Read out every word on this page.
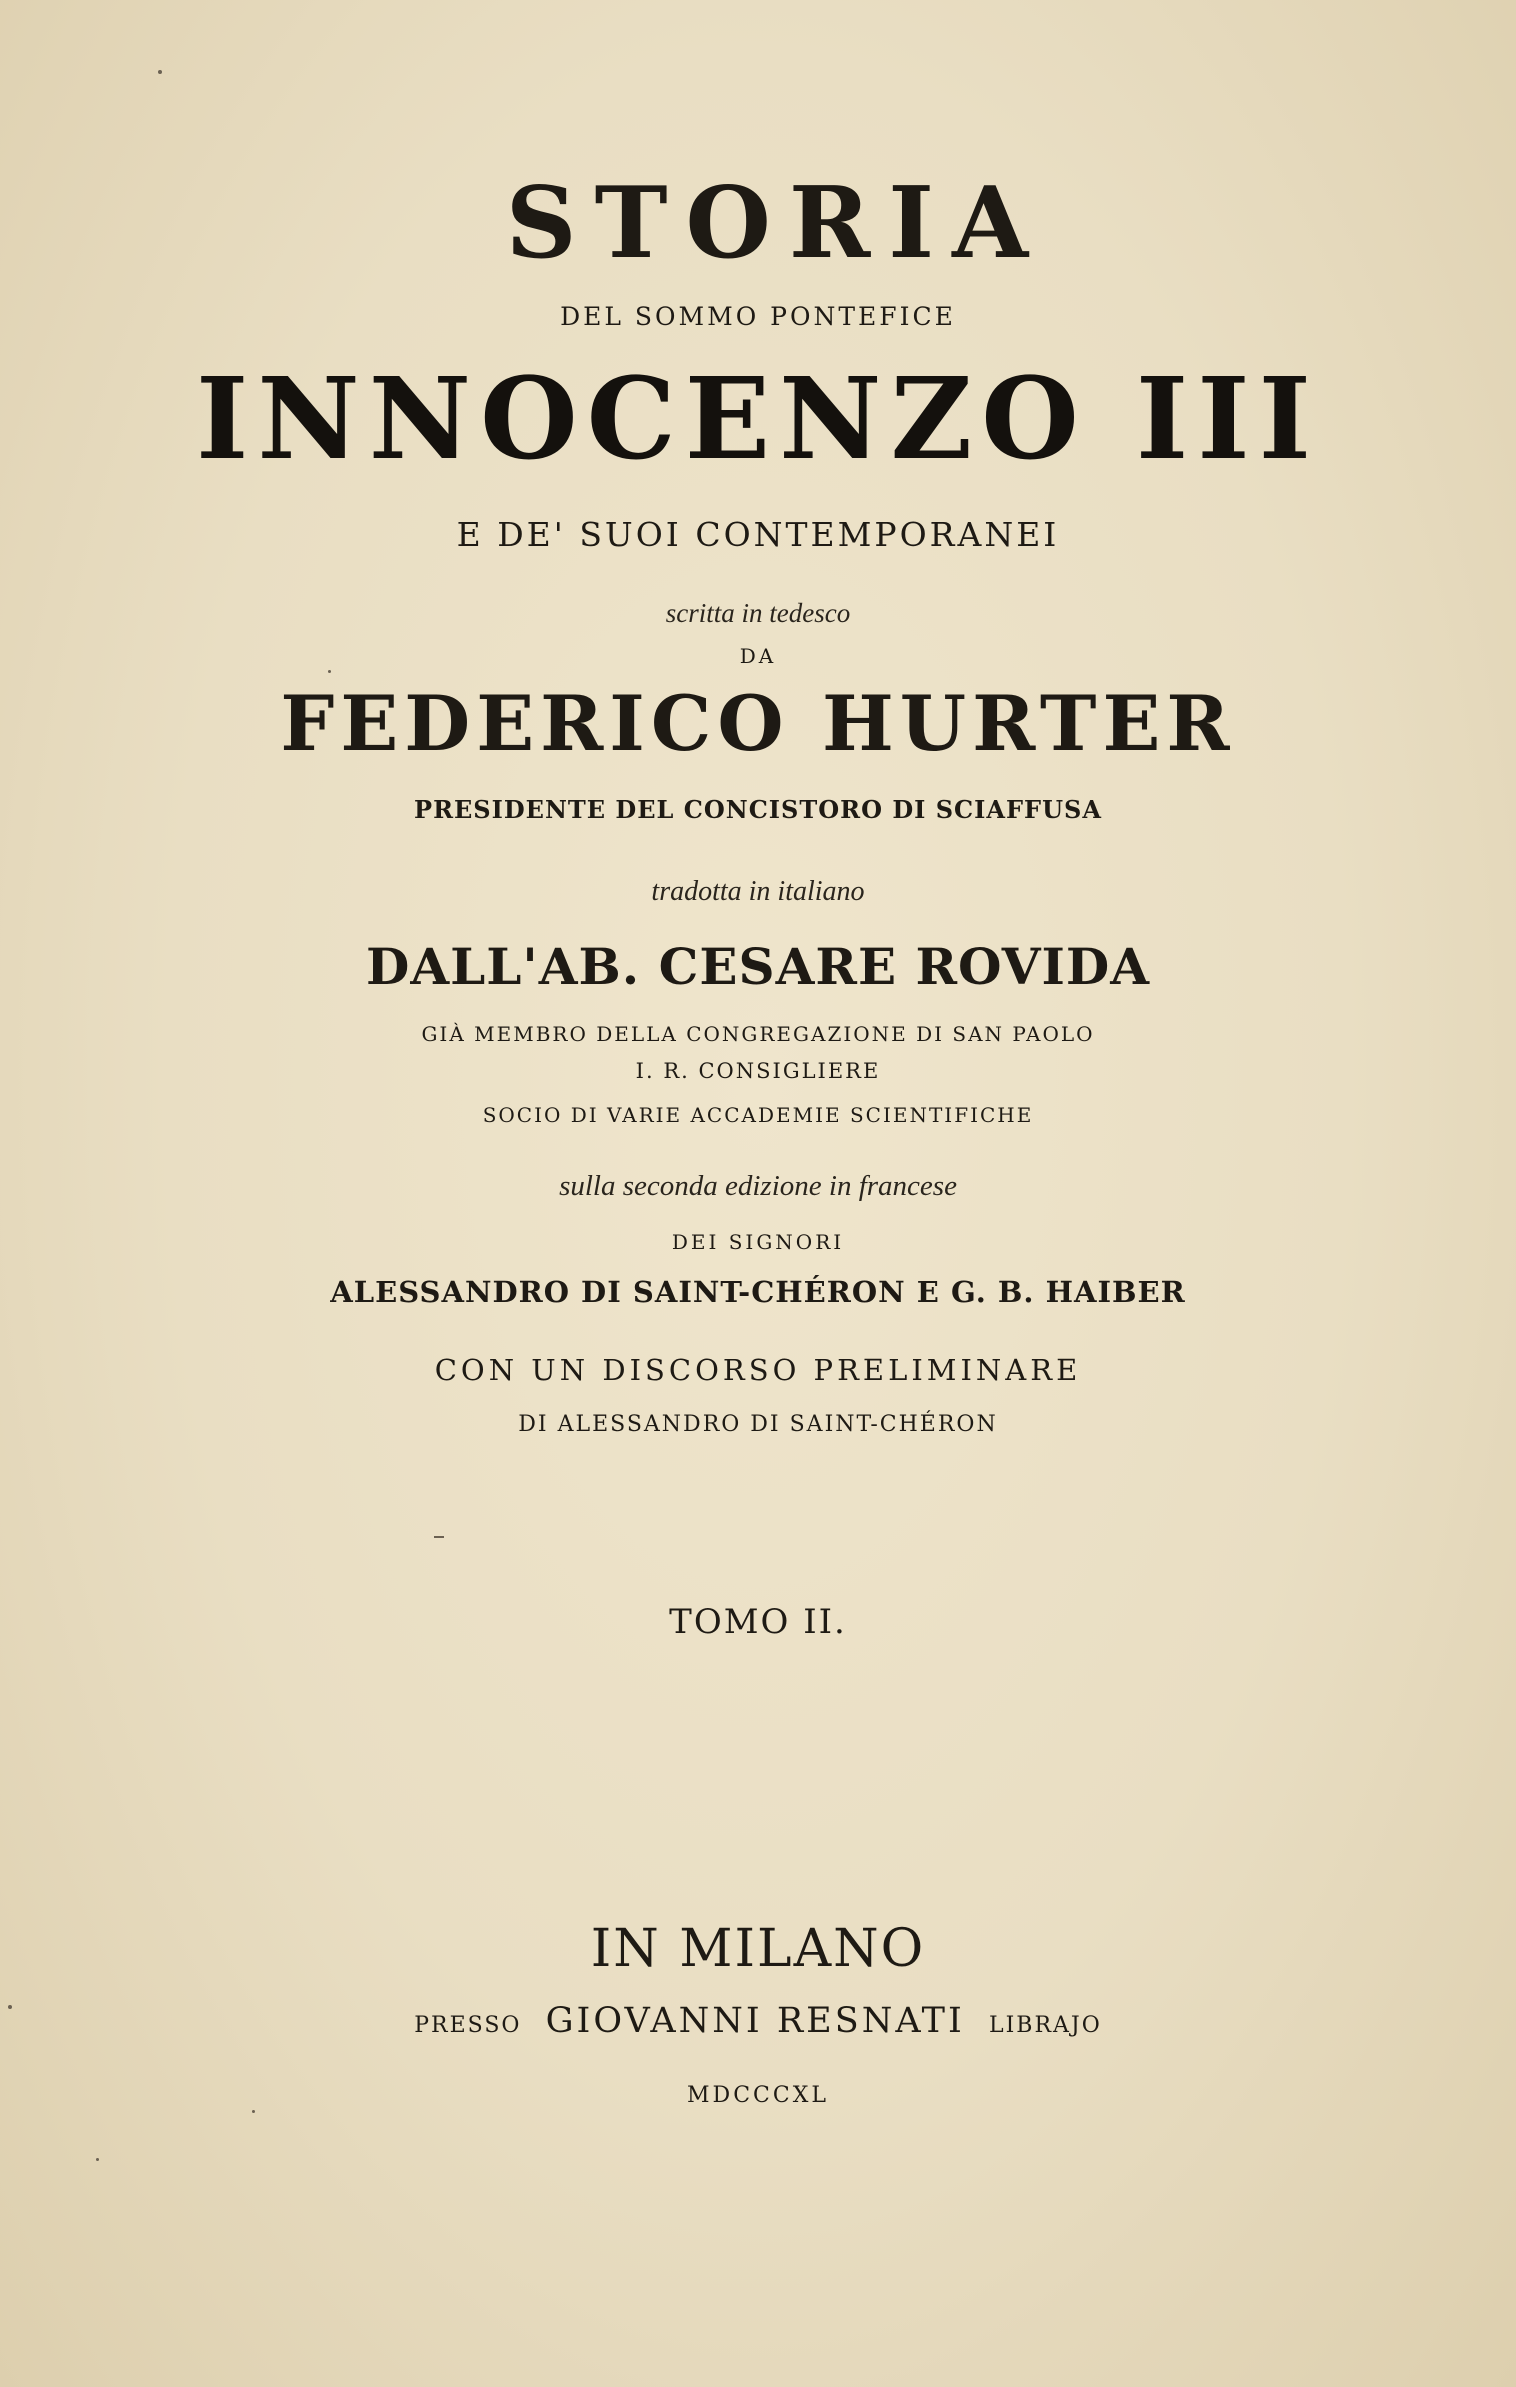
STORIA
DEL SOMMO PONTEFICE
INNOCENZO III
E DE' SUOI CONTEMPORANEI
scritta in tedesco
DA
FEDERICO HURTER
PRESIDENTE DEL CONCISTORO DI SCIAFFUSA
tradotta in italiano
DALL'AB. CESARE ROVIDA
GIÀ MEMBRO DELLA CONGREGAZIONE DI SAN PAOLO
I. R. CONSIGLIERE
SOCIO DI VARIE ACCADEMIE SCIENTIFICHE
sulla seconda edizione in francese
DEI SIGNORI
ALESSANDRO DI SAINT-CHÉRON E G. B. HAIBER
CON UN DISCORSO PRELIMINARE
DI ALESSANDRO DI SAINT-CHÉRON
TOMO II.
IN MILANO
PRESSO GIOVANNI RESNATI LIBRAJO
MDCCCXL
